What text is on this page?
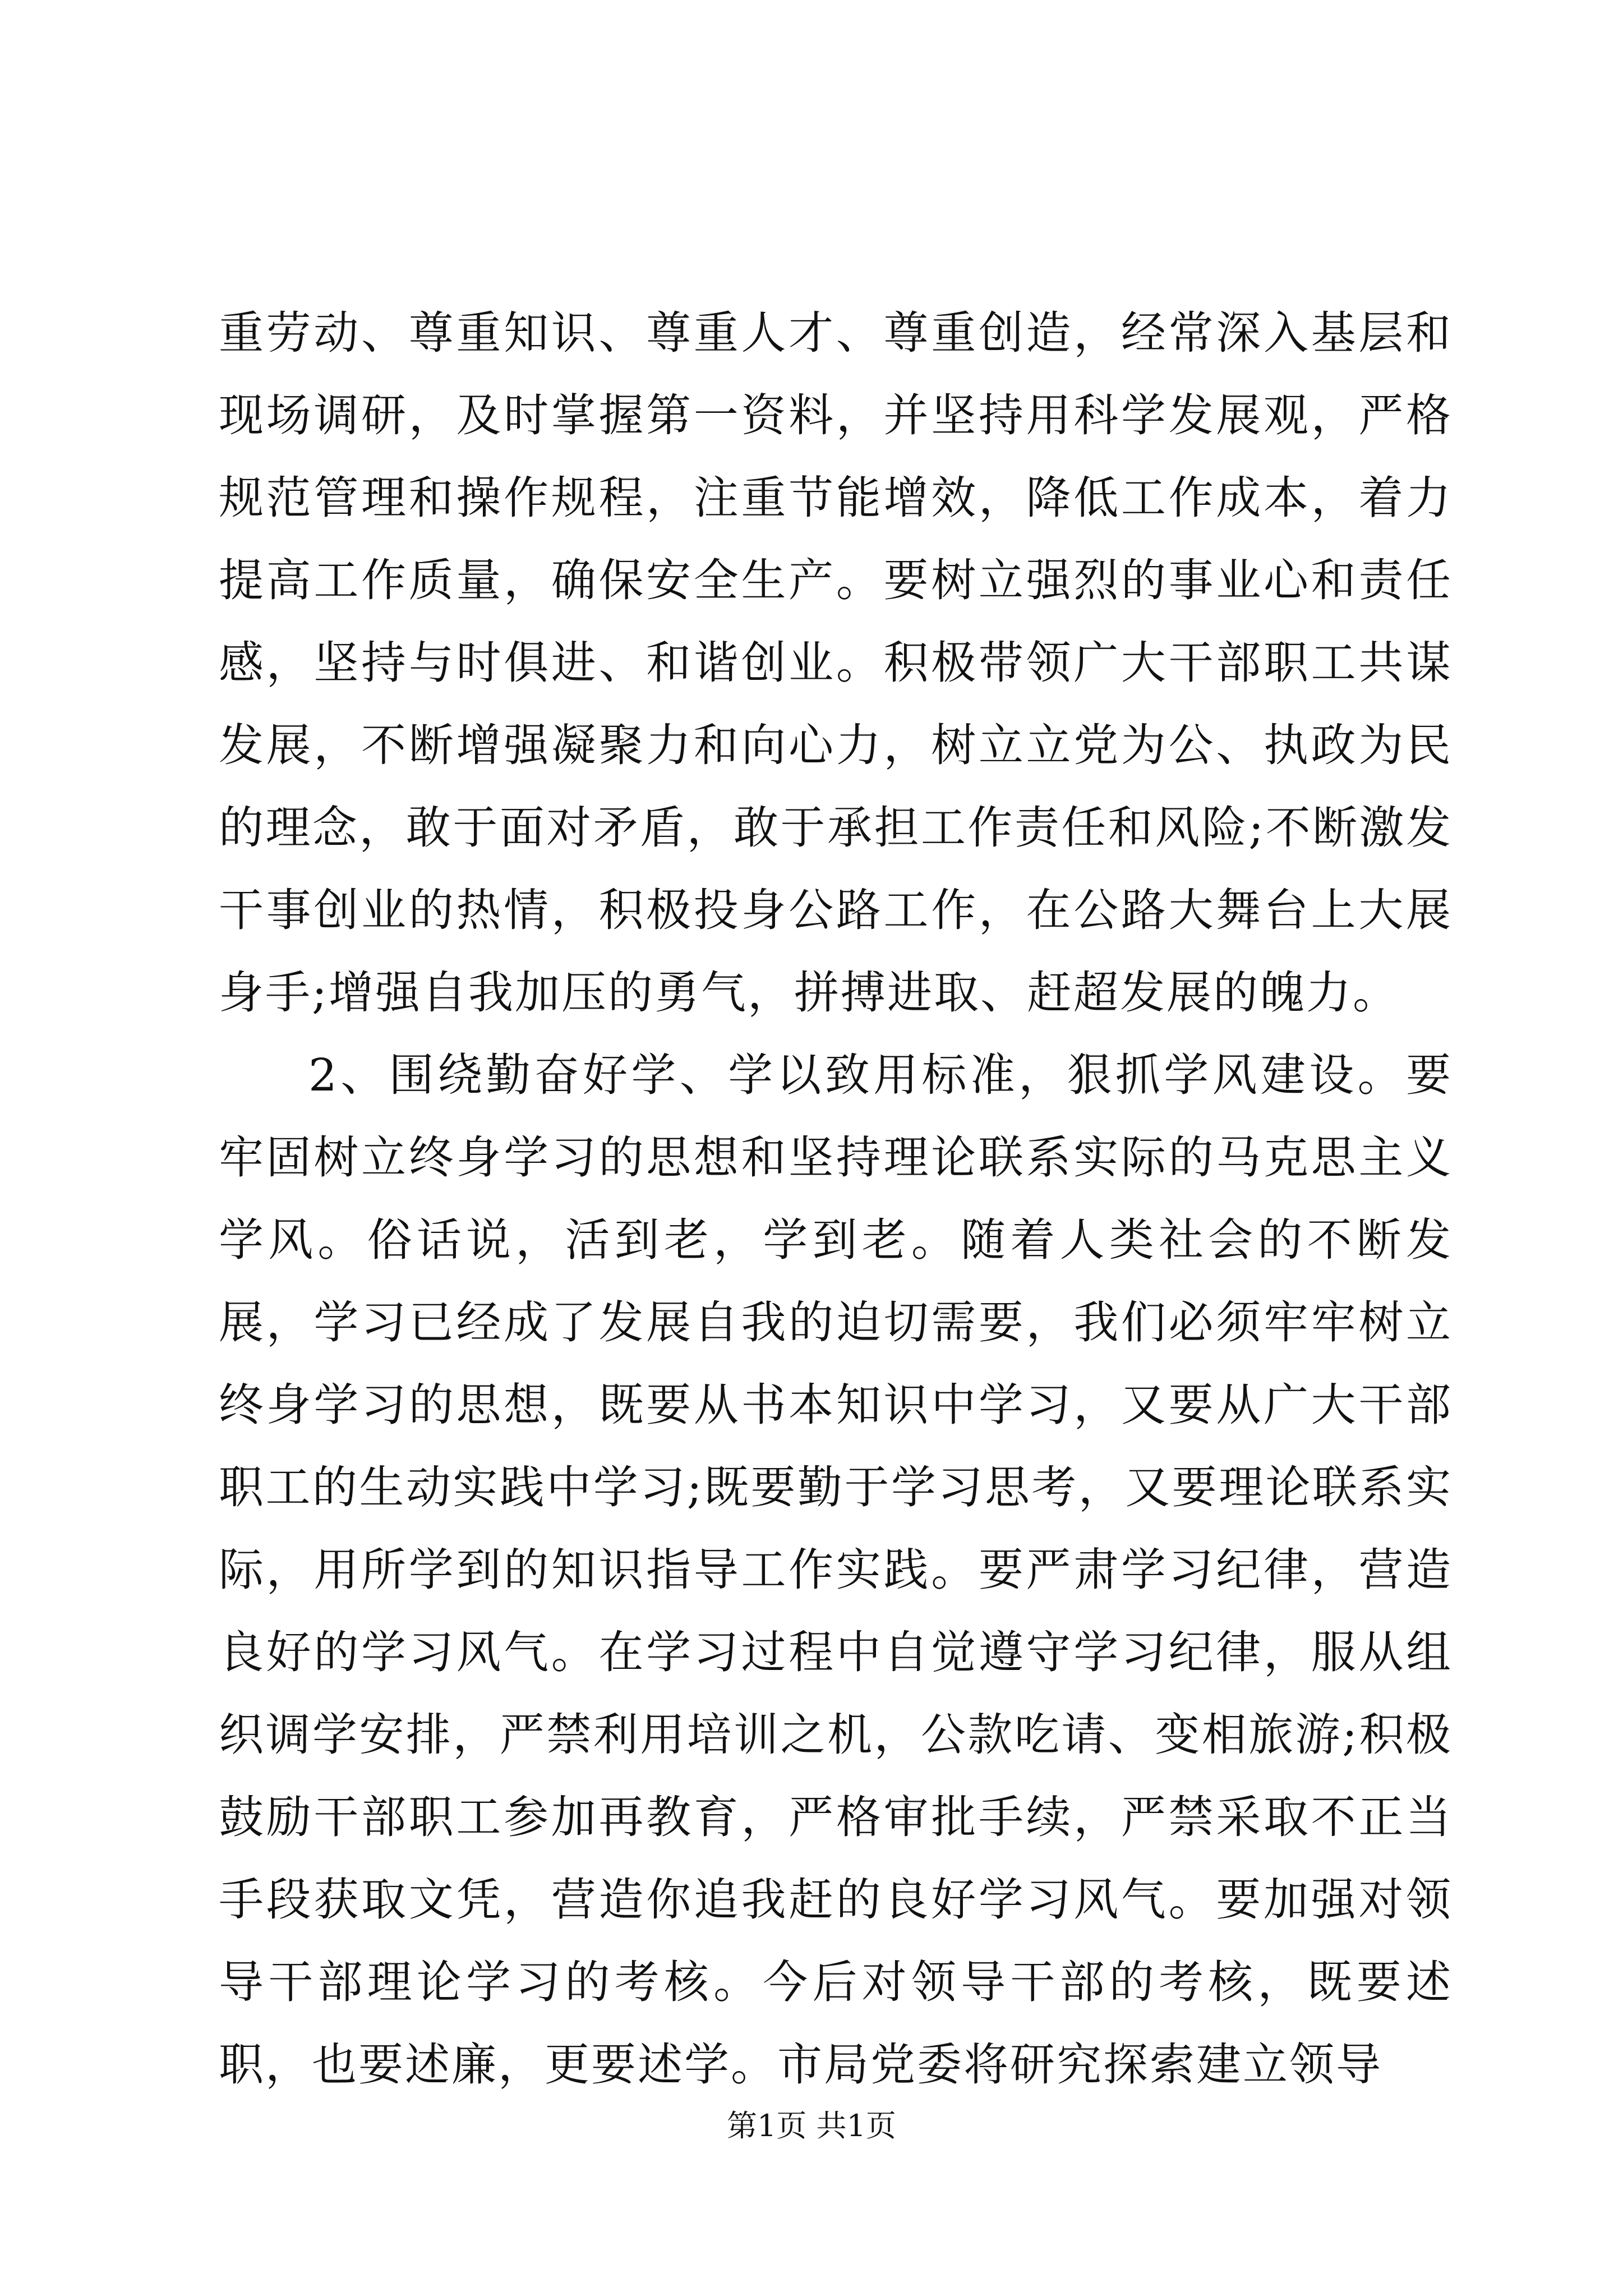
重劳动、尊重知识、尊重人才、尊重创造，经常深入基层和现场调研，及时掌握第一资料，并坚持用科学发展观，严格规范管理和操作规程，注重节能增效，降低工作成本，着力提高工作质量，确保安全生产。要树立强烈的事业心和责任感，坚持与时俱进、和谐创业。积极带领广大干部职工共谋发展，不断增强凝聚力和向心力，树立立党为公、执政为民的理念，敢于面对矛盾，敢于承担工作责任和风险;不断激发干事创业的热情，积极投身公路工作，在公路大舞台上大展身手;增强自我加压的勇气，拼搏进取、赶超发展的魄力。

2、围绕勤奋好学、学以致用标准，狠抓学风建设。要牢固树立终身学习的思想和坚持理论联系实际的马克思主义学风。俗话说，活到老，学到老。随着人类社会的不断发展，学习已经成了发展自我的迫切需要，我们必须牢牢树立终身学习的思想，既要从书本知识中学习，又要从广大干部职工的生动实践中学习;既要勤于学习思考，又要理论联系实际，用所学到的知识指导工作实践。要严肃学习纪律，营造良好的学习风气。在学习过程中自觉遵守学习纪律，服从组织调学安排，严禁利用培训之机，公款吃请、变相旅游;积极鼓励干部职工参加再教育，严格审批手续，严禁采取不正当手段获取文凭，营造你追我赶的良好学习风气。要加强对领导干部理论学习的考核。今后对领导干部的考核，既要述职，也要述廉，更要述学。市局党委将研究探索建立领导

第1页 共1页
